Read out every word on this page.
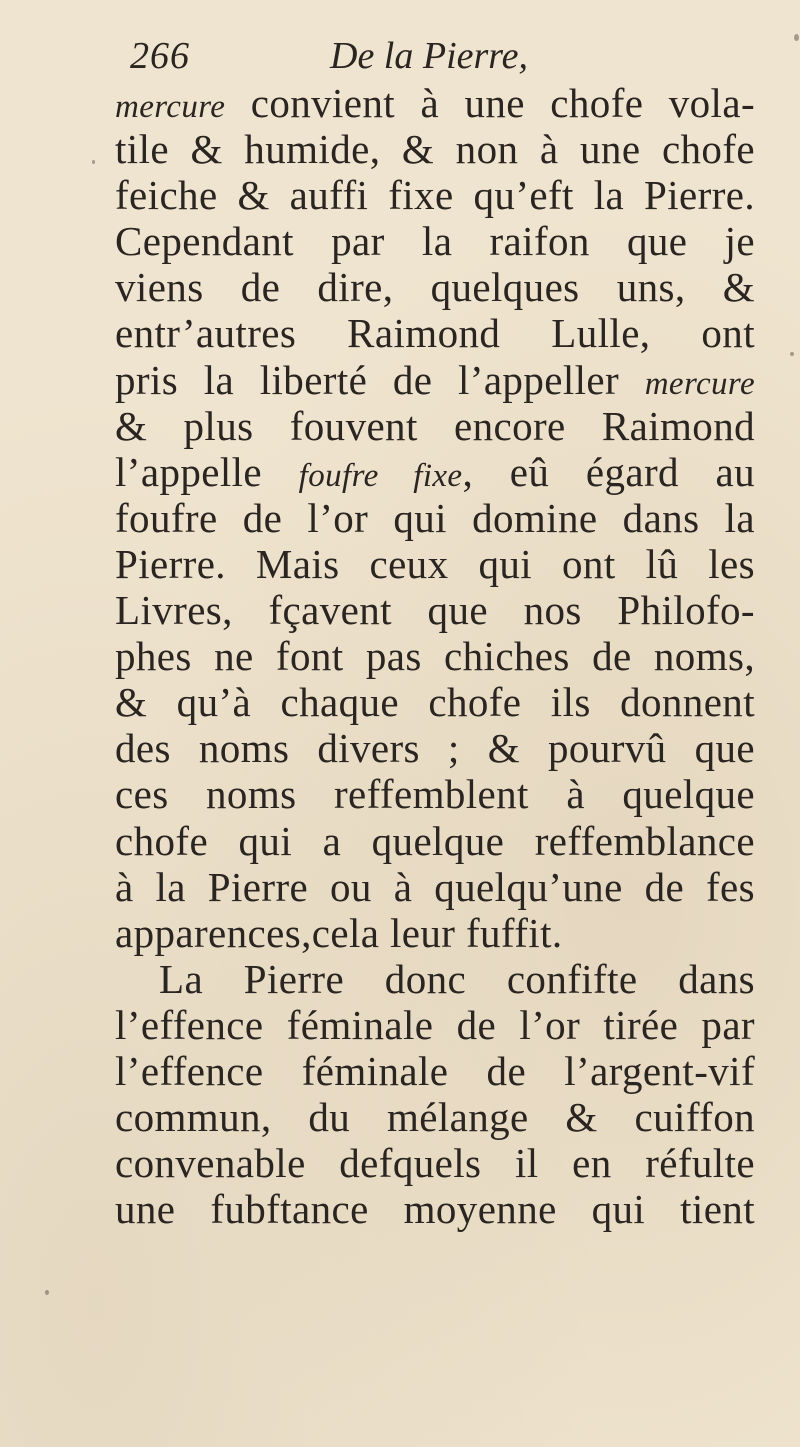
266	De la Pierre,
mercure convient à une chofe vola-
tile & humide, & non à une chofe
feiche & auffi fixe qu’eft la Pierre.
Cependant par la raifon que je
viens de dire, quelques uns, &
entr’autres Raimond Lulle, ont
pris la liberté de l’appeller mercure
& plus fouvent encore Raimond
l’appelle foufre fixe, eû égard au
foufre de l’or qui domine dans la
Pierre. Mais ceux qui ont lû les
Livres, fçavent que nos Philofo-
phes ne font pas chiches de noms,
& qu’à chaque chofe ils donnent
des noms divers ; & pourvû que
ces noms reffemblent à quelque
chofe qui a quelque reffemblance
à la Pierre ou à quelqu’une de fes
apparences,cela leur fuffit.
La Pierre donc confifte dans
l’effence féminale de l’or tirée par
l’effence féminale de l’argent-vif
commun, du mélange & cuiffon
convenable defquels il en réfulte
une fubftance moyenne qui tient
